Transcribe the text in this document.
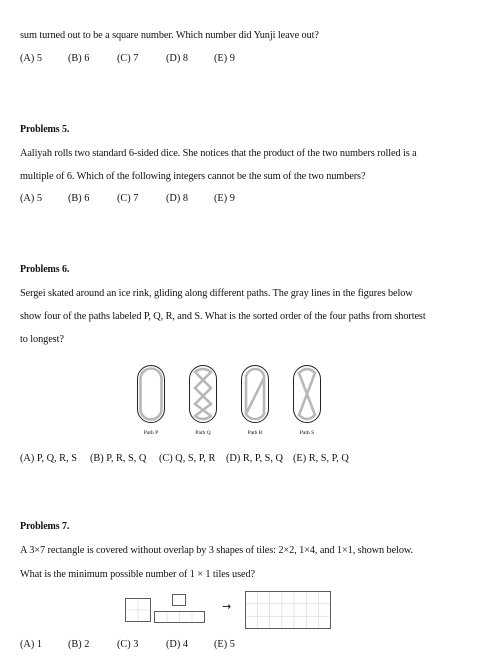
sum turned out to be a square number. Which number did Yunji leave out?
(A) 5	(B) 6	(C) 7	(D) 8	(E) 9
Problems 5.
Aaliyah rolls two standard 6-sided dice. She notices that the product of the two numbers rolled is a
multiple of 6. Which of the following integers cannot be the sum of the two numbers?
(A) 5	(B) 6	(C) 7	(D) 8	(E) 9
Problems 6.
Sergei skated around an ice rink, gliding along different paths. The gray lines in the figures below
show four of the paths labeled P, Q, R, and S. What is the sorted order of the four paths from shortest
to longest?
Path P	Path Q	Path R	Path S
(A) P, Q, R, S (B) P, R, S, Q (C) Q, S, P, R (D) R, P, S, Q (E) R, S, P, Q
Problems 7.
A 3×7 rectangle is covered without overlap by 3 shapes of tiles: 2×2, 1×4, and 1×1, shown below.
What is the minimum possible number of 1 × 1 tiles used?
→
(A) 1	(B) 2	(C) 3	(D) 4	(E) 5
